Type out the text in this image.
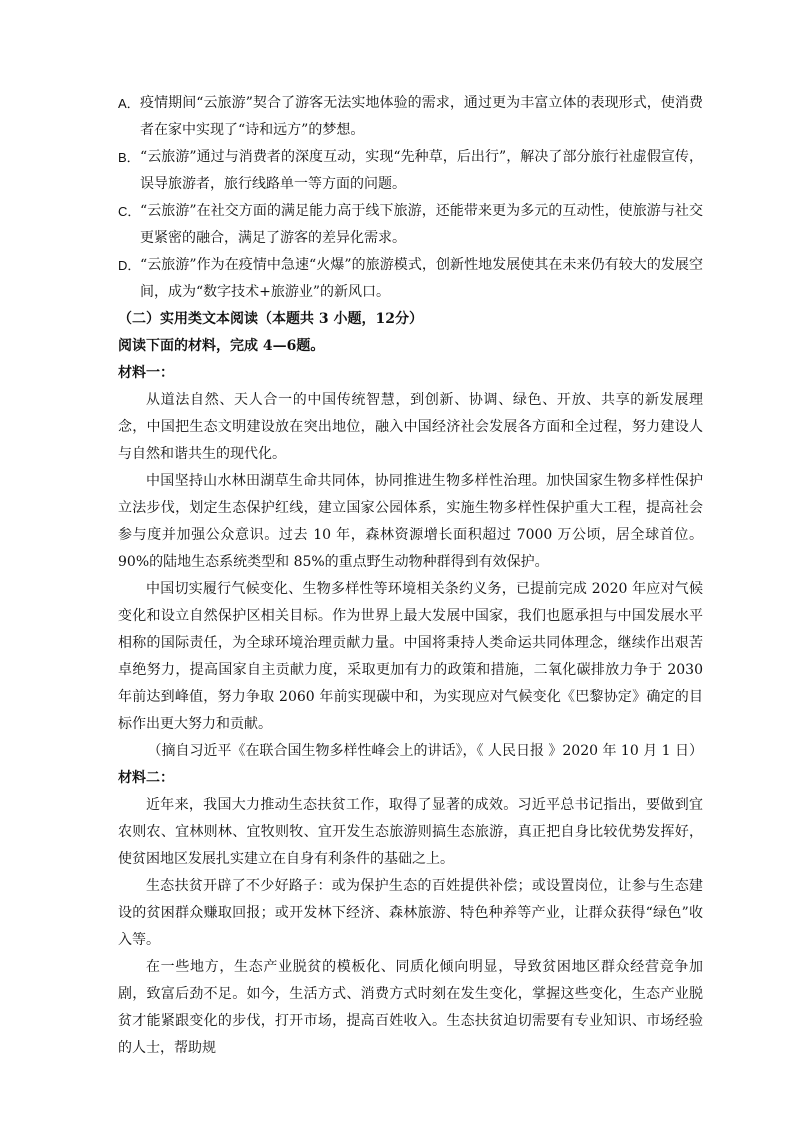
A． 疫情期间“云旅游”契合了游客无法实地体验的需求，通过更为丰富立体的表现形式，使消费者在家中实现了“诗和远方”的梦想。
B． “云旅游”通过与消费者的深度互动，实现“先种草，后出行”，解决了部分旅行社虚假宣传，误导旅游者，旅行线路单一等方面的问题。
C． “云旅游”在社交方面的满足能力高于线下旅游，还能带来更为多元的互动性，使旅游与社交更紧密的融合，满足了游客的差异化需求。
D． “云旅游”作为在疫情中急速“火爆”的旅游模式，创新性地发展使其在未来仍有较大的发展空间，成为“数字技术+旅游业”的新风口。
（二）实用类文本阅读（本题共 3 小题，12分）
阅读下面的材料，完成 4—6题。
材料一：

从道法自然、天人合一的中国传统智慧，到创新、协调、绿色、开放、共享的新发展理念，中国把生态文明建设放在突出地位，融入中国经济社会发展各方面和全过程，努力建设人与自然和谐共生的现代化。

中国坚持山水林田湖草生命共同体，协同推进生物多样性治理。加快国家生物多样性保护立法步伐，划定生态保护红线，建立国家公园体系，实施生物多样性保护重大工程，提高社会参与度并加强公众意识。过去 10 年，森林资源增长面积超过 7000 万公顷，居全球首位。90%的陆地生态系统类型和 85%的重点野生动物种群得到有效保护。

中国切实履行气候变化、生物多样性等环境相关条约义务，已提前完成 2020 年应对气候变化和设立自然保护区相关目标。作为世界上最大发展中国家，我们也愿承担与中国发展水平相称的国际责任，为全球环境治理贡献力量。中国将秉持人类命运共同体理念，继续作出艰苦卓绝努力，提高国家自主贡献力度，采取更加有力的政策和措施，二氧化碳排放力争于 2030 年前达到峰值，努力争取 2060 年前实现碳中和，为实现应对气候变化《巴黎协定》确定的目标作出更大努力和贡献。

（摘自习近平《在联合国生物多样性峰会上的讲话》，《 人民日报 》2020 年 10 月 1 日）

材料二：

近年来，我国大力推动生态扶贫工作，取得了显著的成效。习近平总书记指出，要做到宜农则农、宜林则林、宜牧则牧、宜开发生态旅游则搞生态旅游，真正把自身比较优势发挥好，使贫困地区发展扎实建立在自身有利条件的基础之上。

生态扶贫开辟了不少好路子：或为保护生态的百姓提供补偿；或设置岗位，让参与生态建设的贫困群众赚取回报；或开发林下经济、森林旅游、特色种养等产业，让群众获得“绿色”收入等。

在一些地方，生态产业脱贫的模板化、同质化倾向明显，导致贫困地区群众经营竞争加剧，致富后劲不足。如今，生活方式、消费方式时刻在发生变化，掌握这些变化，生态产业脱贫才能紧跟变化的步伐，打开市场，提高百姓收入。生态扶贫迫切需要有专业知识、市场经验的人士，帮助规
